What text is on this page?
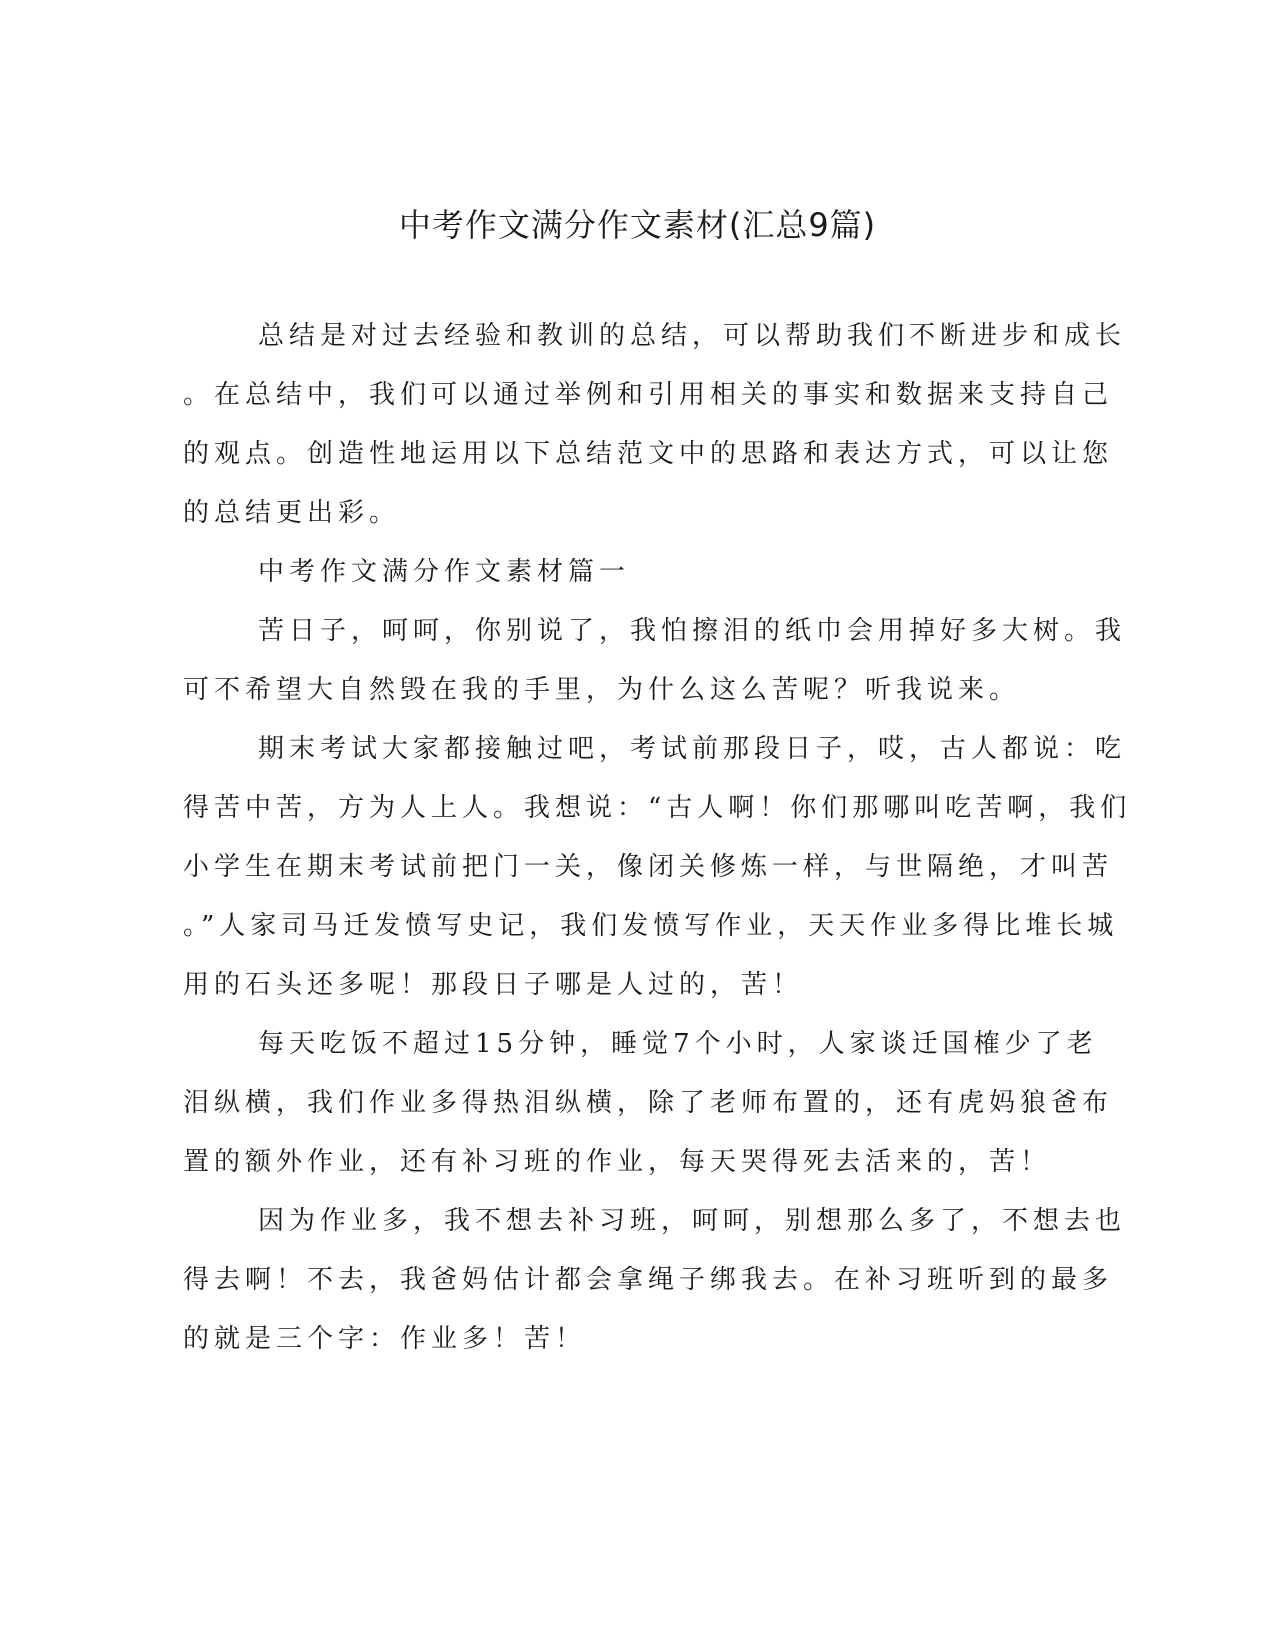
中考作文满分作文素材(汇总9篇)
总结是对过去经验和教训的总结，可以帮助我们不断进步和成长
。在总结中，我们可以通过举例和引用相关的事实和数据来支持自己
的观点。创造性地运用以下总结范文中的思路和表达方式，可以让您
的总结更出彩。
中考作文满分作文素材篇一
苦日子，呵呵，你别说了，我怕擦泪的纸巾会用掉好多大树。我
可不希望大自然毁在我的手里，为什么这么苦呢？听我说来。
期末考试大家都接触过吧，考试前那段日子，哎，古人都说：吃
得苦中苦，方为人上人。我想说：“古人啊！你们那哪叫吃苦啊，我们
小学生在期末考试前把门一关，像闭关修炼一样，与世隔绝，才叫苦
。”人家司马迁发愤写史记，我们发愤写作业，天天作业多得比堆长城
用的石头还多呢！那段日子哪是人过的，苦！
每天吃饭不超过15分钟，睡觉7个小时，人家谈迁国榷少了老
泪纵横，我们作业多得热泪纵横，除了老师布置的，还有虎妈狼爸布
置的额外作业，还有补习班的作业，每天哭得死去活来的，苦！
因为作业多，我不想去补习班，呵呵，别想那么多了，不想去也
得去啊！不去，我爸妈估计都会拿绳子绑我去。在补习班听到的最多
的就是三个字：作业多！苦！
